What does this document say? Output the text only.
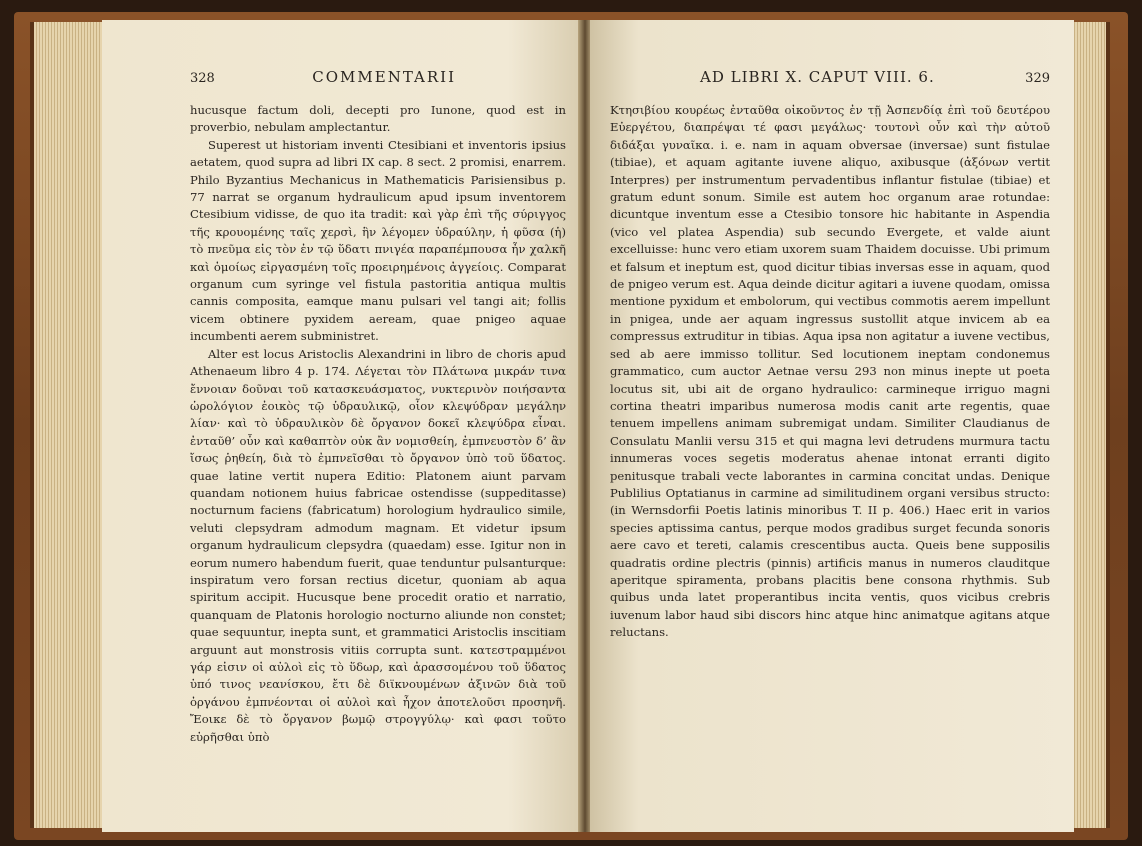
328	COMMENTARII

hucusque factum doli, decepti pro Iunone, quod est in proverbio, nebulam amplectantur.

Superest ut historiam inventi Ctesibiani et inventoris ipsius aetatem, quod supra ad libri IX cap. 8 sect. 2 promisi, enarrem. Philo Byzantius Mechanicus in Mathematicis Parisiensibus p. 77 narrat se organum hydraulicum apud ipsum inventorem Ctesibium vidisse, de quo ita tradit: καὶ γὰρ ἐπὶ τῆς σύριγγος τῆς κρουομένης ταῖς χερσὶ, ἣν λέγομεν ὑδραύλην, ἡ φῦσα (ἡ) τὸ πνεῦμα εἰς τὸν ἐν τῷ ὕδατι πνιγέα παραπέμπουσα ἦν χαλκῆ καὶ ὁμοίως εἰργασμένη τοῖς προειρημένοις ἀγγείοις. Comparat organum cum syringe vel fistula pastoritia antiqua multis cannis composita, eamque manu pulsari vel tangi ait; follis vicem obtinere pyxidem aeream, quae pnigeo aquae incumbenti aerem subministret.

Alter est locus Aristoclis Alexandrini in libro de choris apud Athenaeum libro 4 p. 174. Λέγεται τὸν Πλάτωνα μικράν τινα ἔννοιαν δοῦναι τοῦ κατασκευάσματος, νυκτερινὸν ποιήσαντα ὡρολόγιον ἐοικὸς τῷ ὑδραυλικῷ, οἷον κλεψύδραν μεγάλην λίαν· καὶ τὸ ὑδραυλικὸν δὲ ὄργανον δοκεῖ κλεψύδρα εἶναι. ἐνταῦθ’ οὖν καὶ καθαπτὸν οὐκ ἂν νομισθείη, ἐμπνευστὸν δ’ ἂν ἴσως ῥηθείη, διὰ τὸ ἐμπνεῖσθαι τὸ ὄργανον ὑπὸ τοῦ ὕδατος. quae latine vertit nupera Editio: Platonem aiunt parvam quandam notionem huius fabricae ostendisse (suppeditasse) nocturnum faciens (fabricatum) horologium hydraulico simile, veluti clepsydram admodum magnam. Et videtur ipsum organum hydraulicum clepsydra (quaedam) esse. Igitur non in eorum numero habendum fuerit, quae tenduntur pulsanturque: inspiratum vero forsan rectius dicetur, quoniam ab aqua spiritum accipit. Hucusque bene procedit oratio et narratio, quanquam de Platonis horologio nocturno aliunde non constet; quae sequuntur, inepta sunt, et grammatici Aristoclis inscitiam arguunt aut monstrosis vitiis corrupta sunt. κατεστραμμένοι γάρ εἰσιν οἱ αὐλοὶ εἰς τὸ ὕδωρ, καὶ ἀρασσομένου τοῦ ὕδατος ὑπό τινος νεανίσκου, ἔτι δὲ διϊκνουμένων ἀξινῶν διὰ τοῦ ὀργάνου ἐμπνέονται οἱ αὐλοὶ καὶ ἦχον ἀποτελοῦσι προσηνῆ. Ἔοικε δὲ τὸ ὄργανον βωμῷ στρογγύλῳ· καὶ φασι τοῦτο εὑρῆσθαι ὑπὸ

AD LIBRI X. CAPUT VIII. 6.	329

Κτησιβίου κουρέως ἐνταῦθα οἰκοῦντος ἐν τῇ Ἀσπενδίᾳ ἐπὶ τοῦ δευτέρου Εὐεργέτου, διαπρέψαι τέ φασι μεγάλως· τουτονὶ οὖν καὶ τὴν αὐτοῦ διδάξαι γυναῖκα. i. e. nam in aquam obversae (inversae) sunt fistulae (tibiae), et aquam agitante iuvene aliquo, axibusque (ἀξόνων vertit Interpres) per instrumentum pervadentibus inflantur fistulae (tibiae) et gratum edunt sonum. Simile est autem hoc organum arae rotundae: dicuntque inventum esse a Ctesibio tonsore hic habitante in Aspendia (vico vel platea Aspendia) sub secundo Evergete, et valde aiunt excelluisse: hunc vero etiam uxorem suam Thaidem docuisse. Ubi primum et falsum et ineptum est, quod dicitur tibias inversas esse in aquam, quod de pnigeo verum est. Aqua deinde dicitur agitari a iuvene quodam, omissa mentione pyxidum et embolorum, qui vectibus commotis aerem impellunt in pnigea, unde aer aquam ingressus sustollit atque invicem ab ea compressus extruditur in tibias. Aqua ipsa non agitatur a iuvene vectibus, sed ab aere immisso tollitur. Sed locutionem ineptam condonemus grammatico, cum auctor Aetnae versu 293 non minus inepte ut poeta locutus sit, ubi ait de organo hydraulico: carmineque irriguo magni cortina theatri imparibus numerosa modis canit arte regentis, quae tenuem impellens animam subremigat undam. Similiter Claudianus de Consulatu Manlii versu 315 et qui magna levi detrudens murmura tactu innumeras voces segetis moderatus ahenae intonat erranti digito penitusque trabali vecte laborantes in carmina concitat undas. Denique Publilius Optatianus in carmine ad similitudinem organi versibus structo: (in Wernsdorfii Poetis latinis minoribus T. II p. 406.) Haec erit in varios species aptissima cantus, perque modos gradibus surget fecunda sonoris aere cavo et tereti, calamis crescentibus aucta. Queis bene supposilis quadratis ordine plectris (pinnis) artificis manus in numeros clauditque aperitque spiramenta, probans placitis bene consona rhythmis. Sub quibus unda latet properantibus incita ventis, quos vicibus crebris iuvenum labor haud sibi discors hinc atque hinc animatque agitans atque reluctans.
